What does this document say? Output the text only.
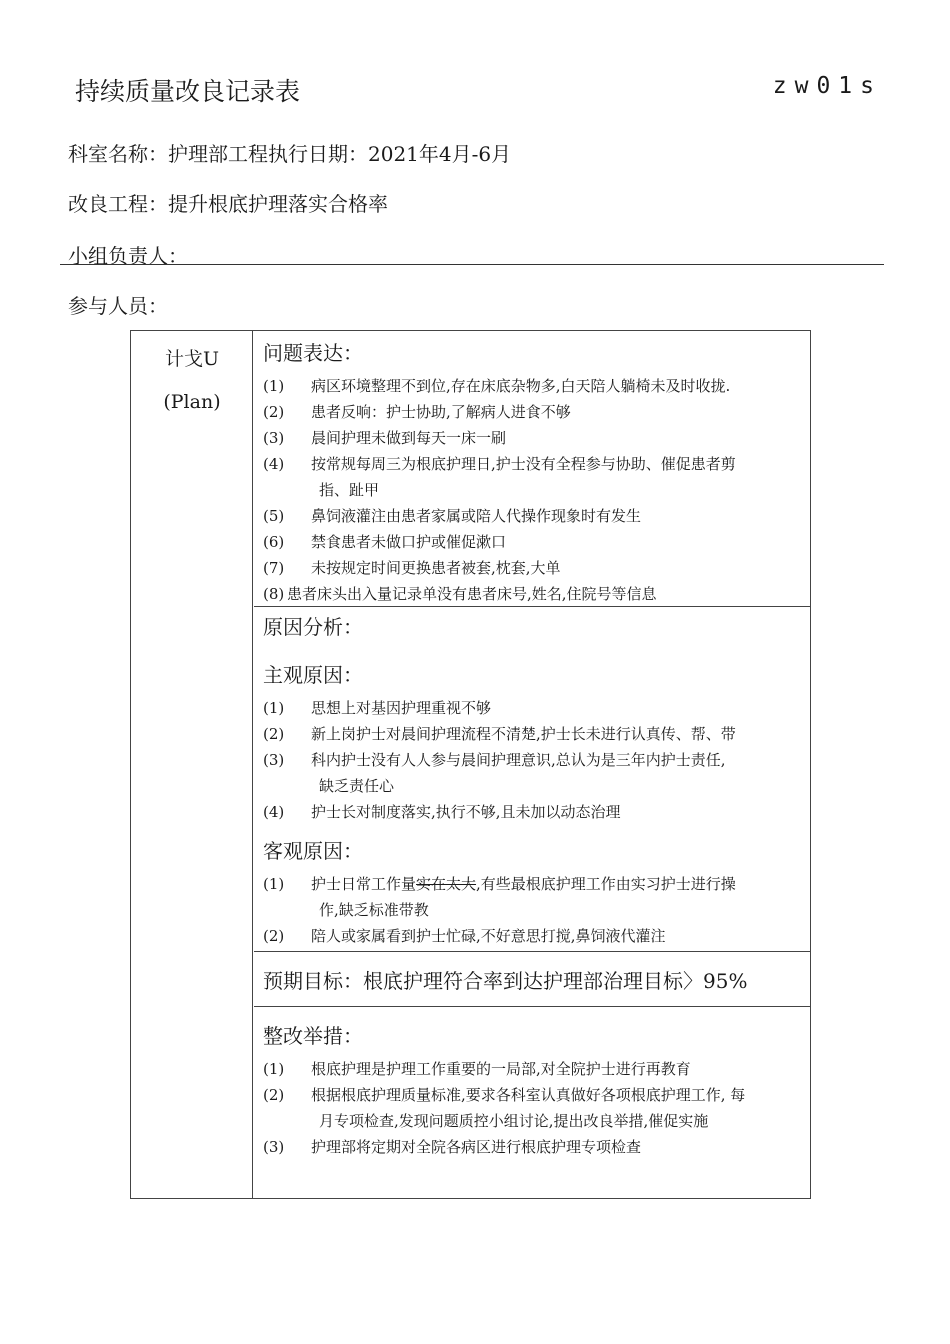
持续质量改良记录表	zw01s
科室名称：护理部工程执行日期：2021年4月-6月
改良工程：提升根底护理落实合格率
小组负责人：
参与人员：
计戈U
(Plan)
问题表达：
(1) 病区环境整理不到位,存在床底杂物多,白天陪人躺椅未及时收拢.
(2) 患者反响：护士协助,了解病人进食不够
(3) 晨间护理未做到每天一床一刷
(4) 按常规每周三为根底护理日,护士没有全程参与协助、催促患者剪
指、趾甲
(5) 鼻饲液灌注由患者家属或陪人代操作现象时有发生
(6) 禁食患者未做口护或催促漱口
(7) 未按规定时间更换患者被套,枕套,大单
(8) 患者床头出入量记录单没有患者床号,姓名,住院号等信息
原因分析：
主观原因：
(1) 思想上对基因护理重视不够
(2) 新上岗护士对晨间护理流程不清楚,护士长未进行认真传、帮、带
(3) 科内护士没有人人参与晨间护理意识,总认为是三年内护士责任,
缺乏责任心
(4) 护士长对制度落实,执行不够,且未加以动态治理
客观原因：
(1) 护士日常工作量实在太大,有些最根底护理工作由实习护士进行操
作,缺乏标准带教
(2) 陪人或家属看到护士忙碌,不好意思打搅,鼻饲液代灌注
预期目标：根底护理符合率到达护理部治理目标〉95%
整改举措：
(1) 根底护理是护理工作重要的一局部,对全院护士进行再教育
(2) 根据根底护理质量标准,要求各科室认真做好各项根底护理工作, 每
月专项检查,发现问题质控小组讨论,提出改良举措,催促实施
(3) 护理部将定期对全院各病区进行根底护理专项检查
